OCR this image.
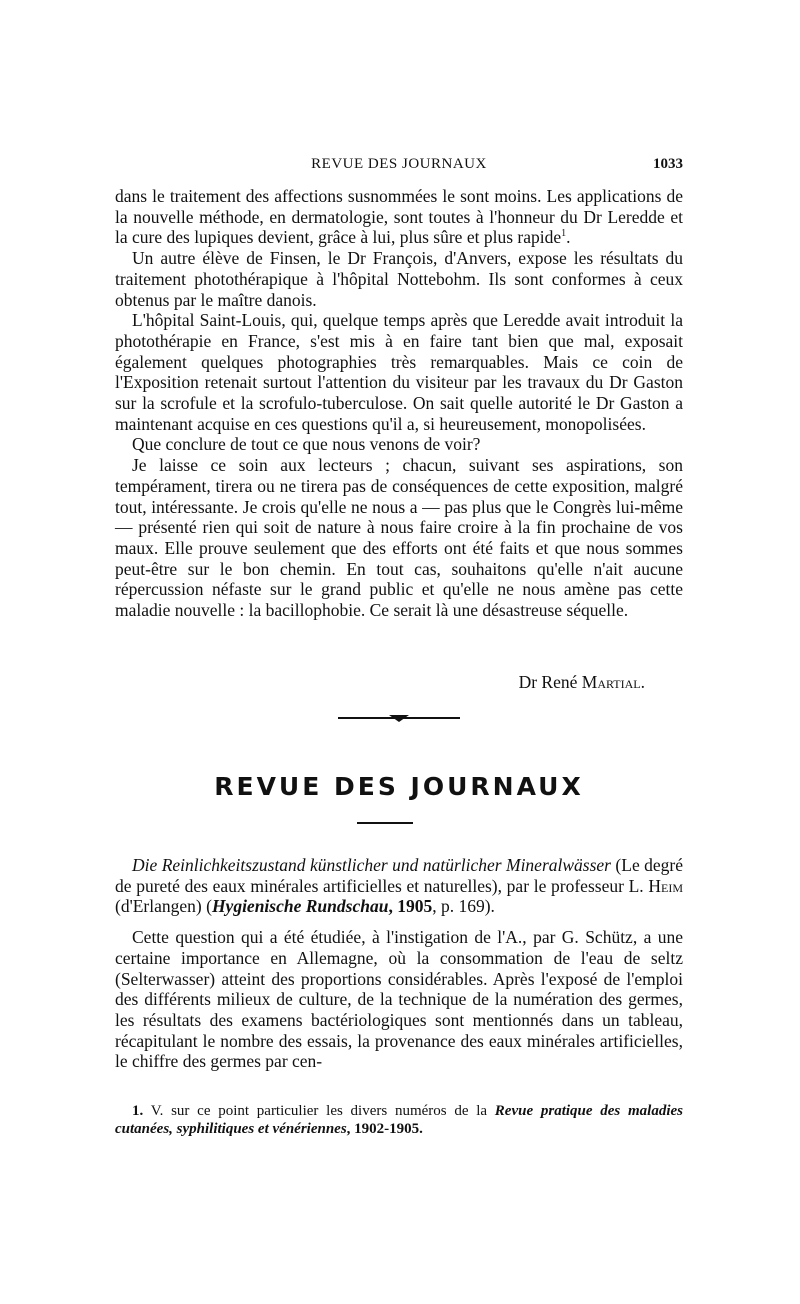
REVUE DES JOURNAUX	1033

dans le traitement des affections susnommées le sont moins. Les applications de la nouvelle méthode, en dermatologie, sont toutes à l'honneur du Dr Leredde et la cure des lupiques devient, grâce à lui, plus sûre et plus rapide$^1$.

Un autre élève de Finsen, le Dr François, d'Anvers, expose les résultats du traitement photothérapique à l'hôpital Nottebohm. Ils sont conformes à ceux obtenus par le maître danois.

L'hôpital Saint-Louis, qui, quelque temps après que Leredde avait introduit la photothérapie en France, s'est mis à en faire tant bien que mal, exposait également quelques photographies très remarquables. Mais ce coin de l'Exposition retenait surtout l'attention du visiteur par les travaux du Dr Gaston sur la scrofule et la scrofulo-tuberculose. On sait quelle autorité le Dr Gaston a maintenant acquise en ces questions qu'il a, si heureusement, monopolisées.

Que conclure de tout ce que nous venons de voir?

Je laisse ce soin aux lecteurs ; chacun, suivant ses aspirations, son tempérament, tirera ou ne tirera pas de conséquences de cette exposition, malgré tout, intéressante. Je crois qu'elle ne nous a — pas plus que le Congrès lui-même — présenté rien qui soit de nature à nous faire croire à la fin prochaine de vos maux. Elle prouve seulement que des efforts ont été faits et que nous sommes peut-être sur le bon chemin. En tout cas, souhaitons qu'elle n'ait aucune répercussion néfaste sur le grand public et qu'elle ne nous amène pas cette maladie nouvelle : la bacillophobie. Ce serait là une désastreuse séquelle.

Dr René Martial.
REVUE DES JOURNAUX

Die Reinlichkeitszustand künstlicher und natürlicher Mineralwässer (Le degré de pureté des eaux minérales artificielles et naturelles), par le professeur L. Heim (d'Erlangen) (Hygienische Rundschau, 1905, p. 169).

Cette question qui a été étudiée, à l'instigation de l'A., par G. Schütz, a une certaine importance en Allemagne, où la consommation de l'eau de seltz (Selterwasser) atteint des proportions considérables. Après l'exposé de l'emploi des différents milieux de culture, de la technique de la numération des germes, les résultats des examens bactériologiques sont mentionnés dans un tableau, récapitulant le nombre des essais, la provenance des eaux minérales artificielles, le chiffre des germes par cen-

1. V. sur ce point particulier les divers numéros de la Revue pratique des maladies cutanées, syphilitiques et vénériennes, 1902-1905.
